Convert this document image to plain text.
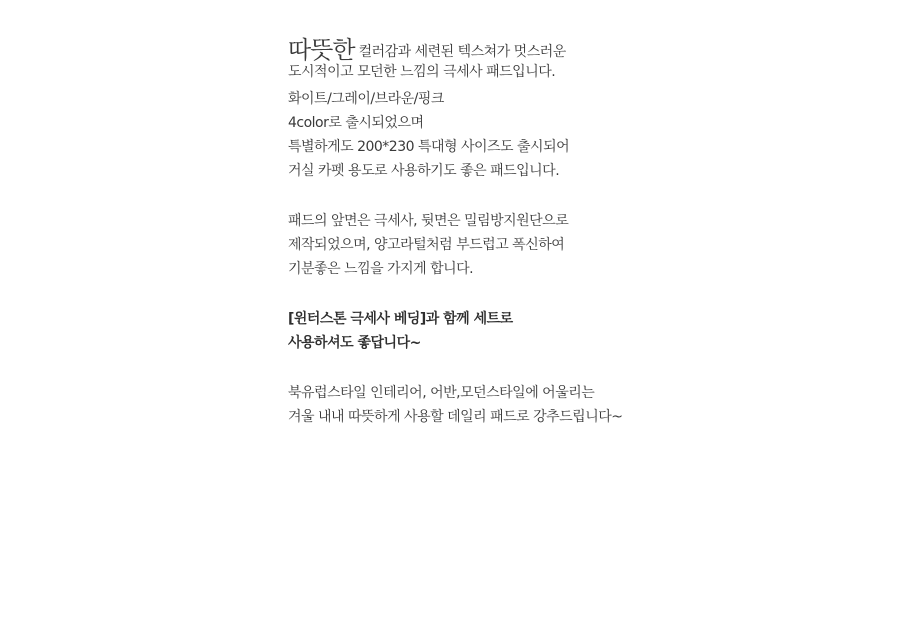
따뜻한 컬러감과 세련된 텍스쳐가 멋스러운
도시적이고 모던한 느낌의 극세사 패드입니다.
화이트/그레이/브라운/핑크
4color로 출시되었으며
특별하게도 200*230 특대형 사이즈도 출시되어
거실 카펫 용도로 사용하기도 좋은 패드입니다.
패드의 앞면은 극세사, 뒷면은 밀림방지원단으로
제작되었으며, 양고라털처럼 부드럽고 폭신하여
기분좋은 느낌을 가지게 합니다.
[윈터스톤 극세사 베딩]과 함께 세트로
사용하셔도 좋답니다~
북유럽스타일 인테리어, 어반,모던스타일에 어울리는
겨울 내내 따뜻하게 사용할 데일리 패드로 강추드립니다~
